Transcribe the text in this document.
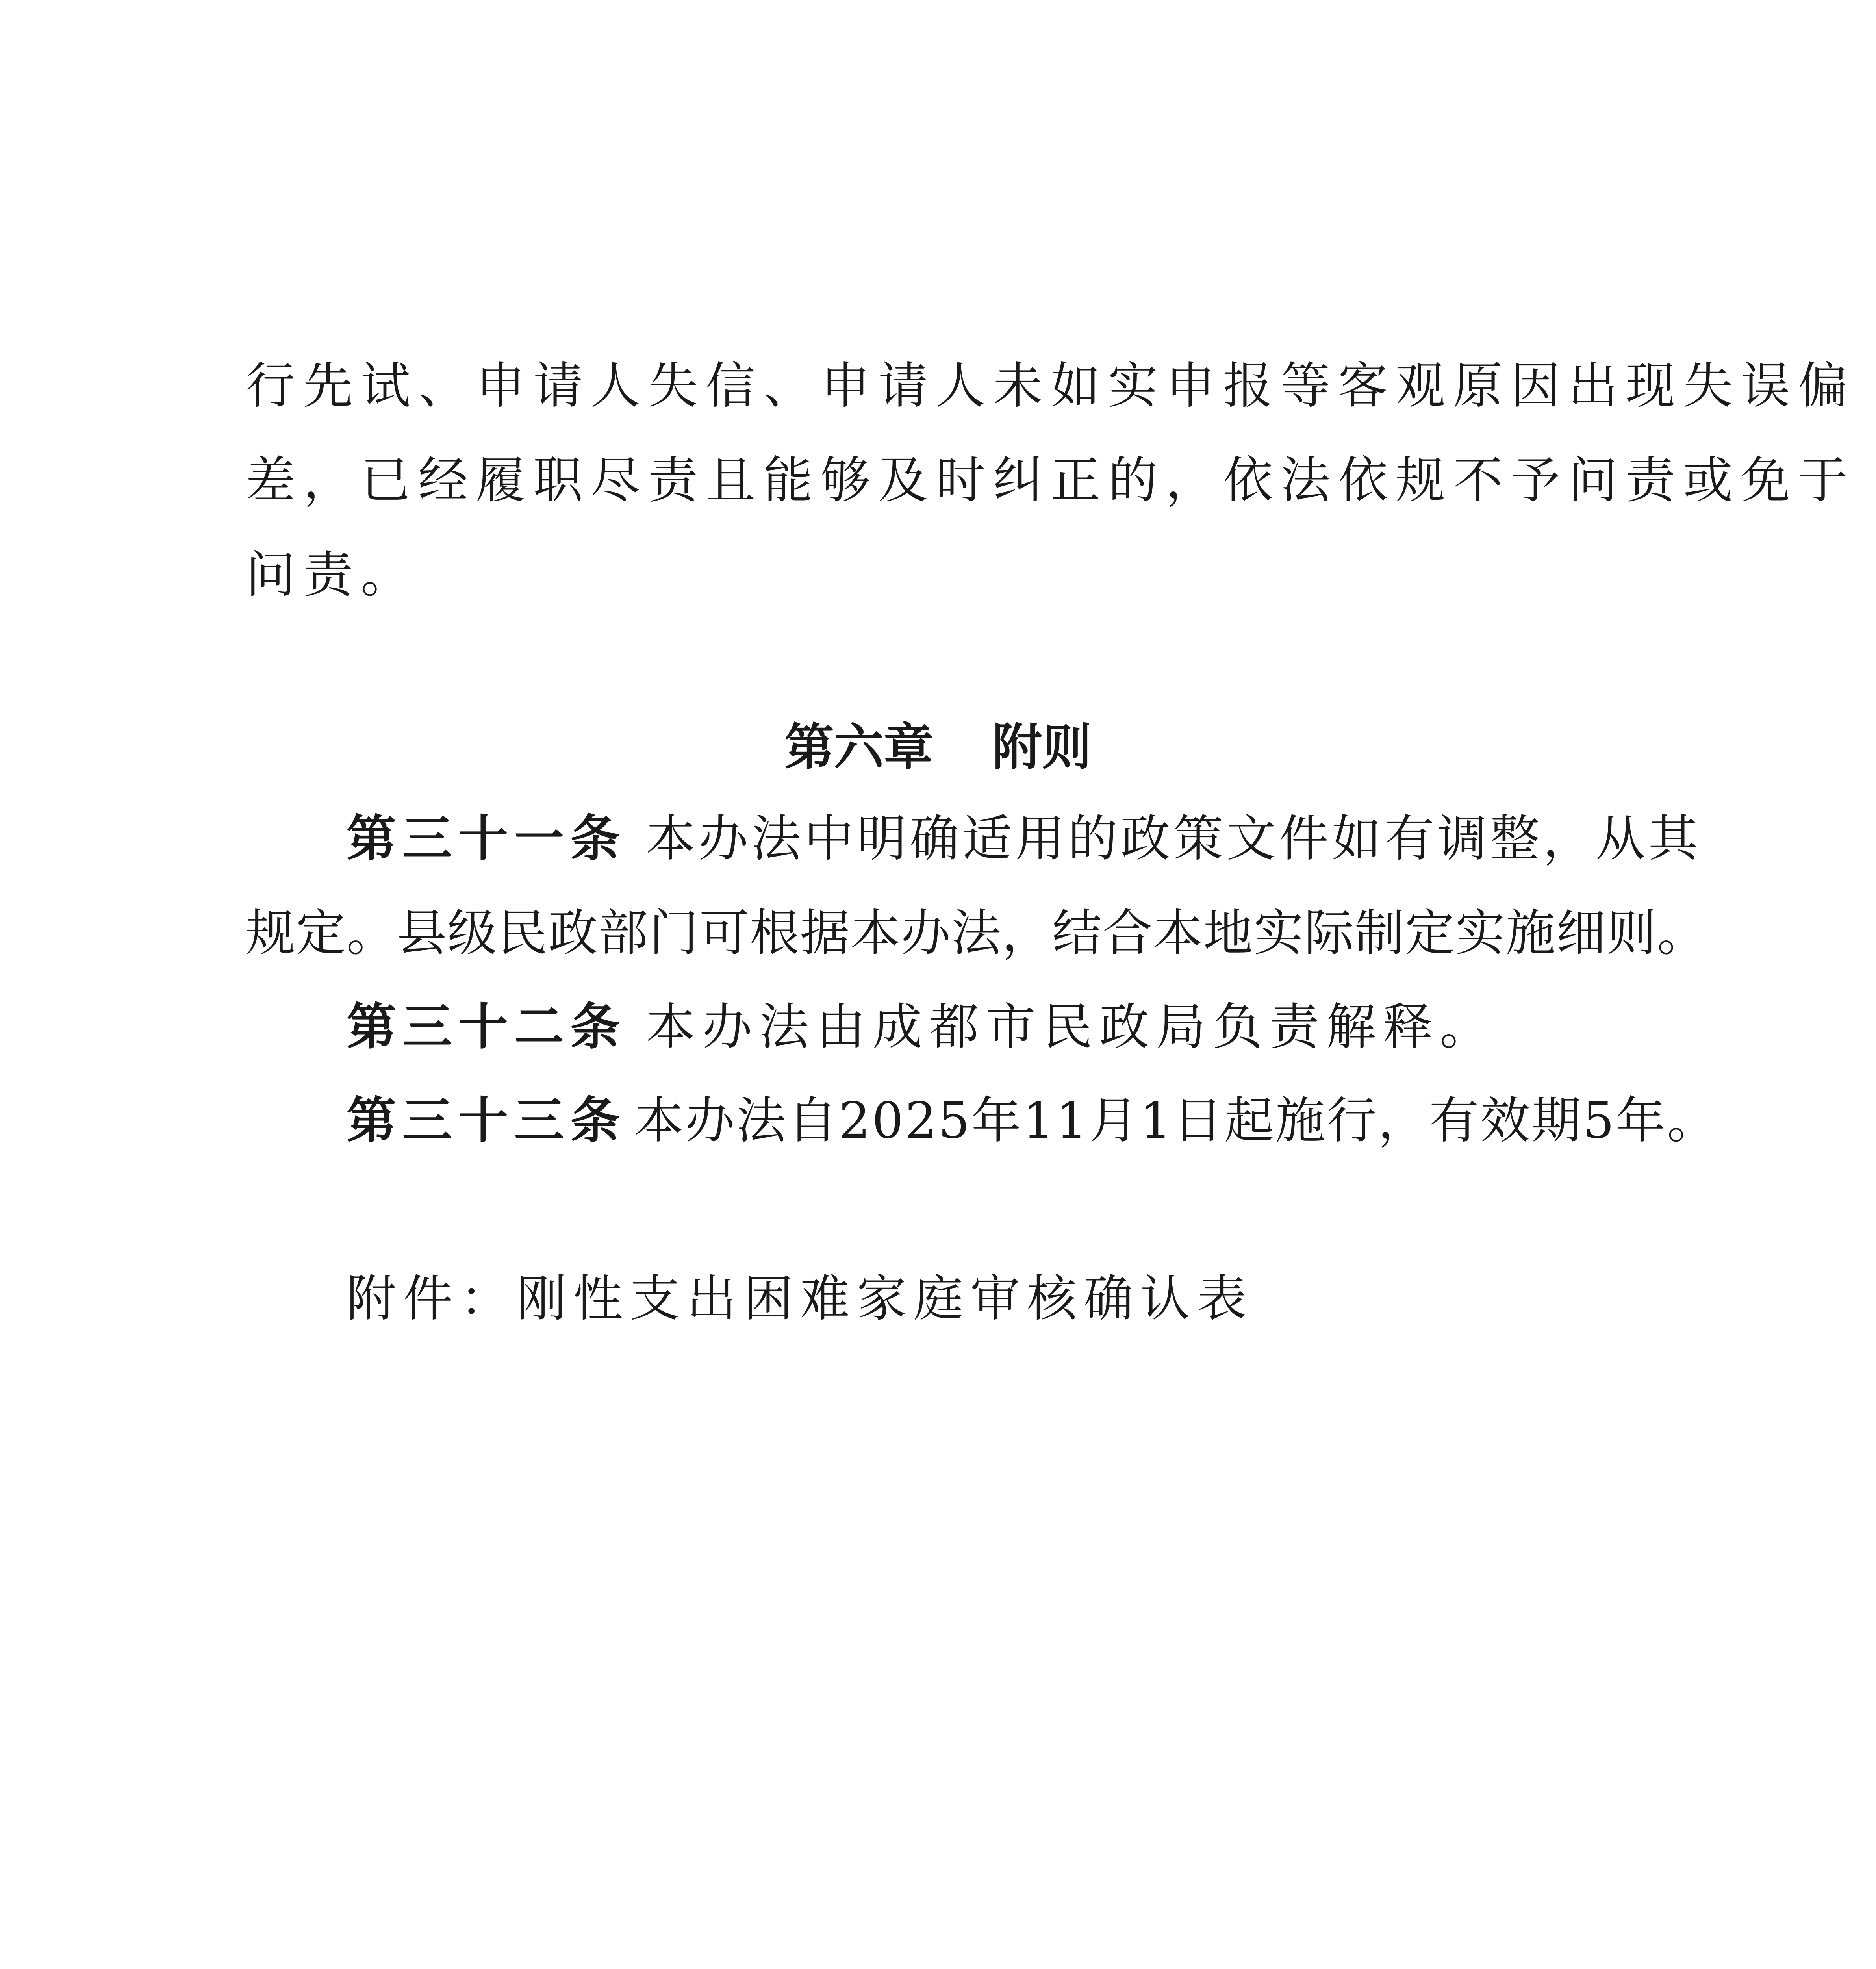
行先试、申请人失信、申请人未如实申报等客观原因出现失误偏
差，已经履职尽责且能够及时纠正的，依法依规不予问责或免于
问责。
第六章 附则
第三十一条 本办法中明确适用的政策文件如有调整，从其
规定。县级民政部门可根据本办法，结合本地实际制定实施细则。
第三十二条 本办法由成都市民政局负责解释。
第三十三条 本办法自2025年11月1日起施行，有效期5年。
附件：刚性支出困难家庭审核确认表
